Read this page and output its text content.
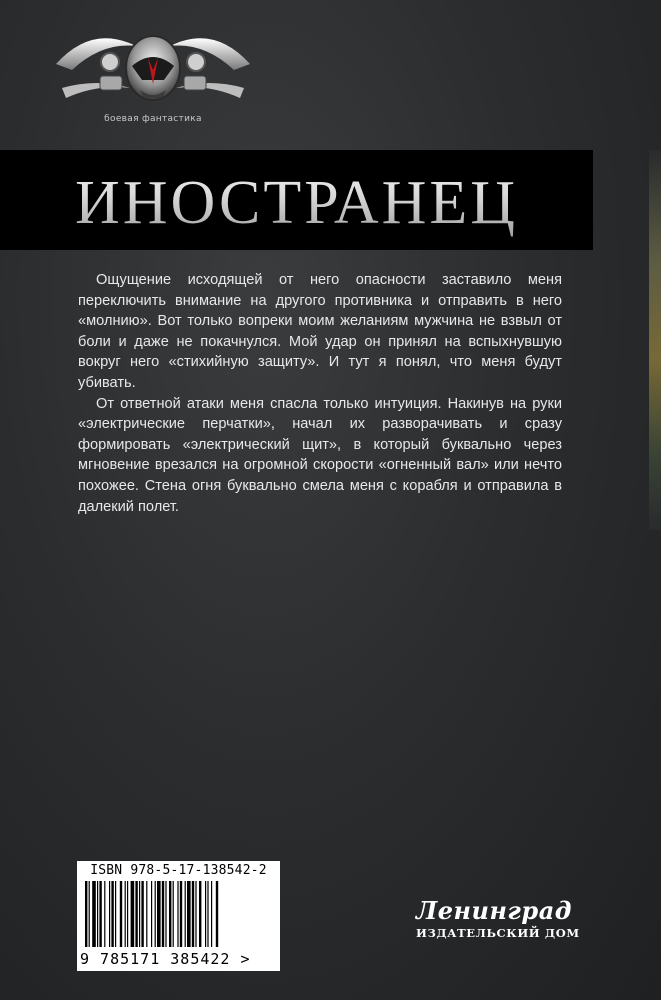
боевая фантастика
ИНОСТРАНЕЦ

Ощущение исходящей от него опасности заставило меня переключить внимание на другого противника и отправить в него «молнию». Вот только вопреки моим желаниям мужчина не взвыл от боли и даже не покачнулся. Мой удар он принял на вспыхнувшую вокруг него «стихийную защиту». И тут я понял, что меня будут убивать.

От ответной атаки меня спасла только интуиция. Накинув на руки «электрические перчатки», начал их разворачивать и сразу формировать «электрический щит», в который буквально через мгновение врезался на огромной скорости «огненный вал» или нечто похожее. Стена огня буквально смела меня с корабля и отправила в далекий полет.

ISBN 978-5-17-138542-2
9 785171 385422 >
Ленинград
ИЗДАТЕЛЬСКИЙ ДОМ
